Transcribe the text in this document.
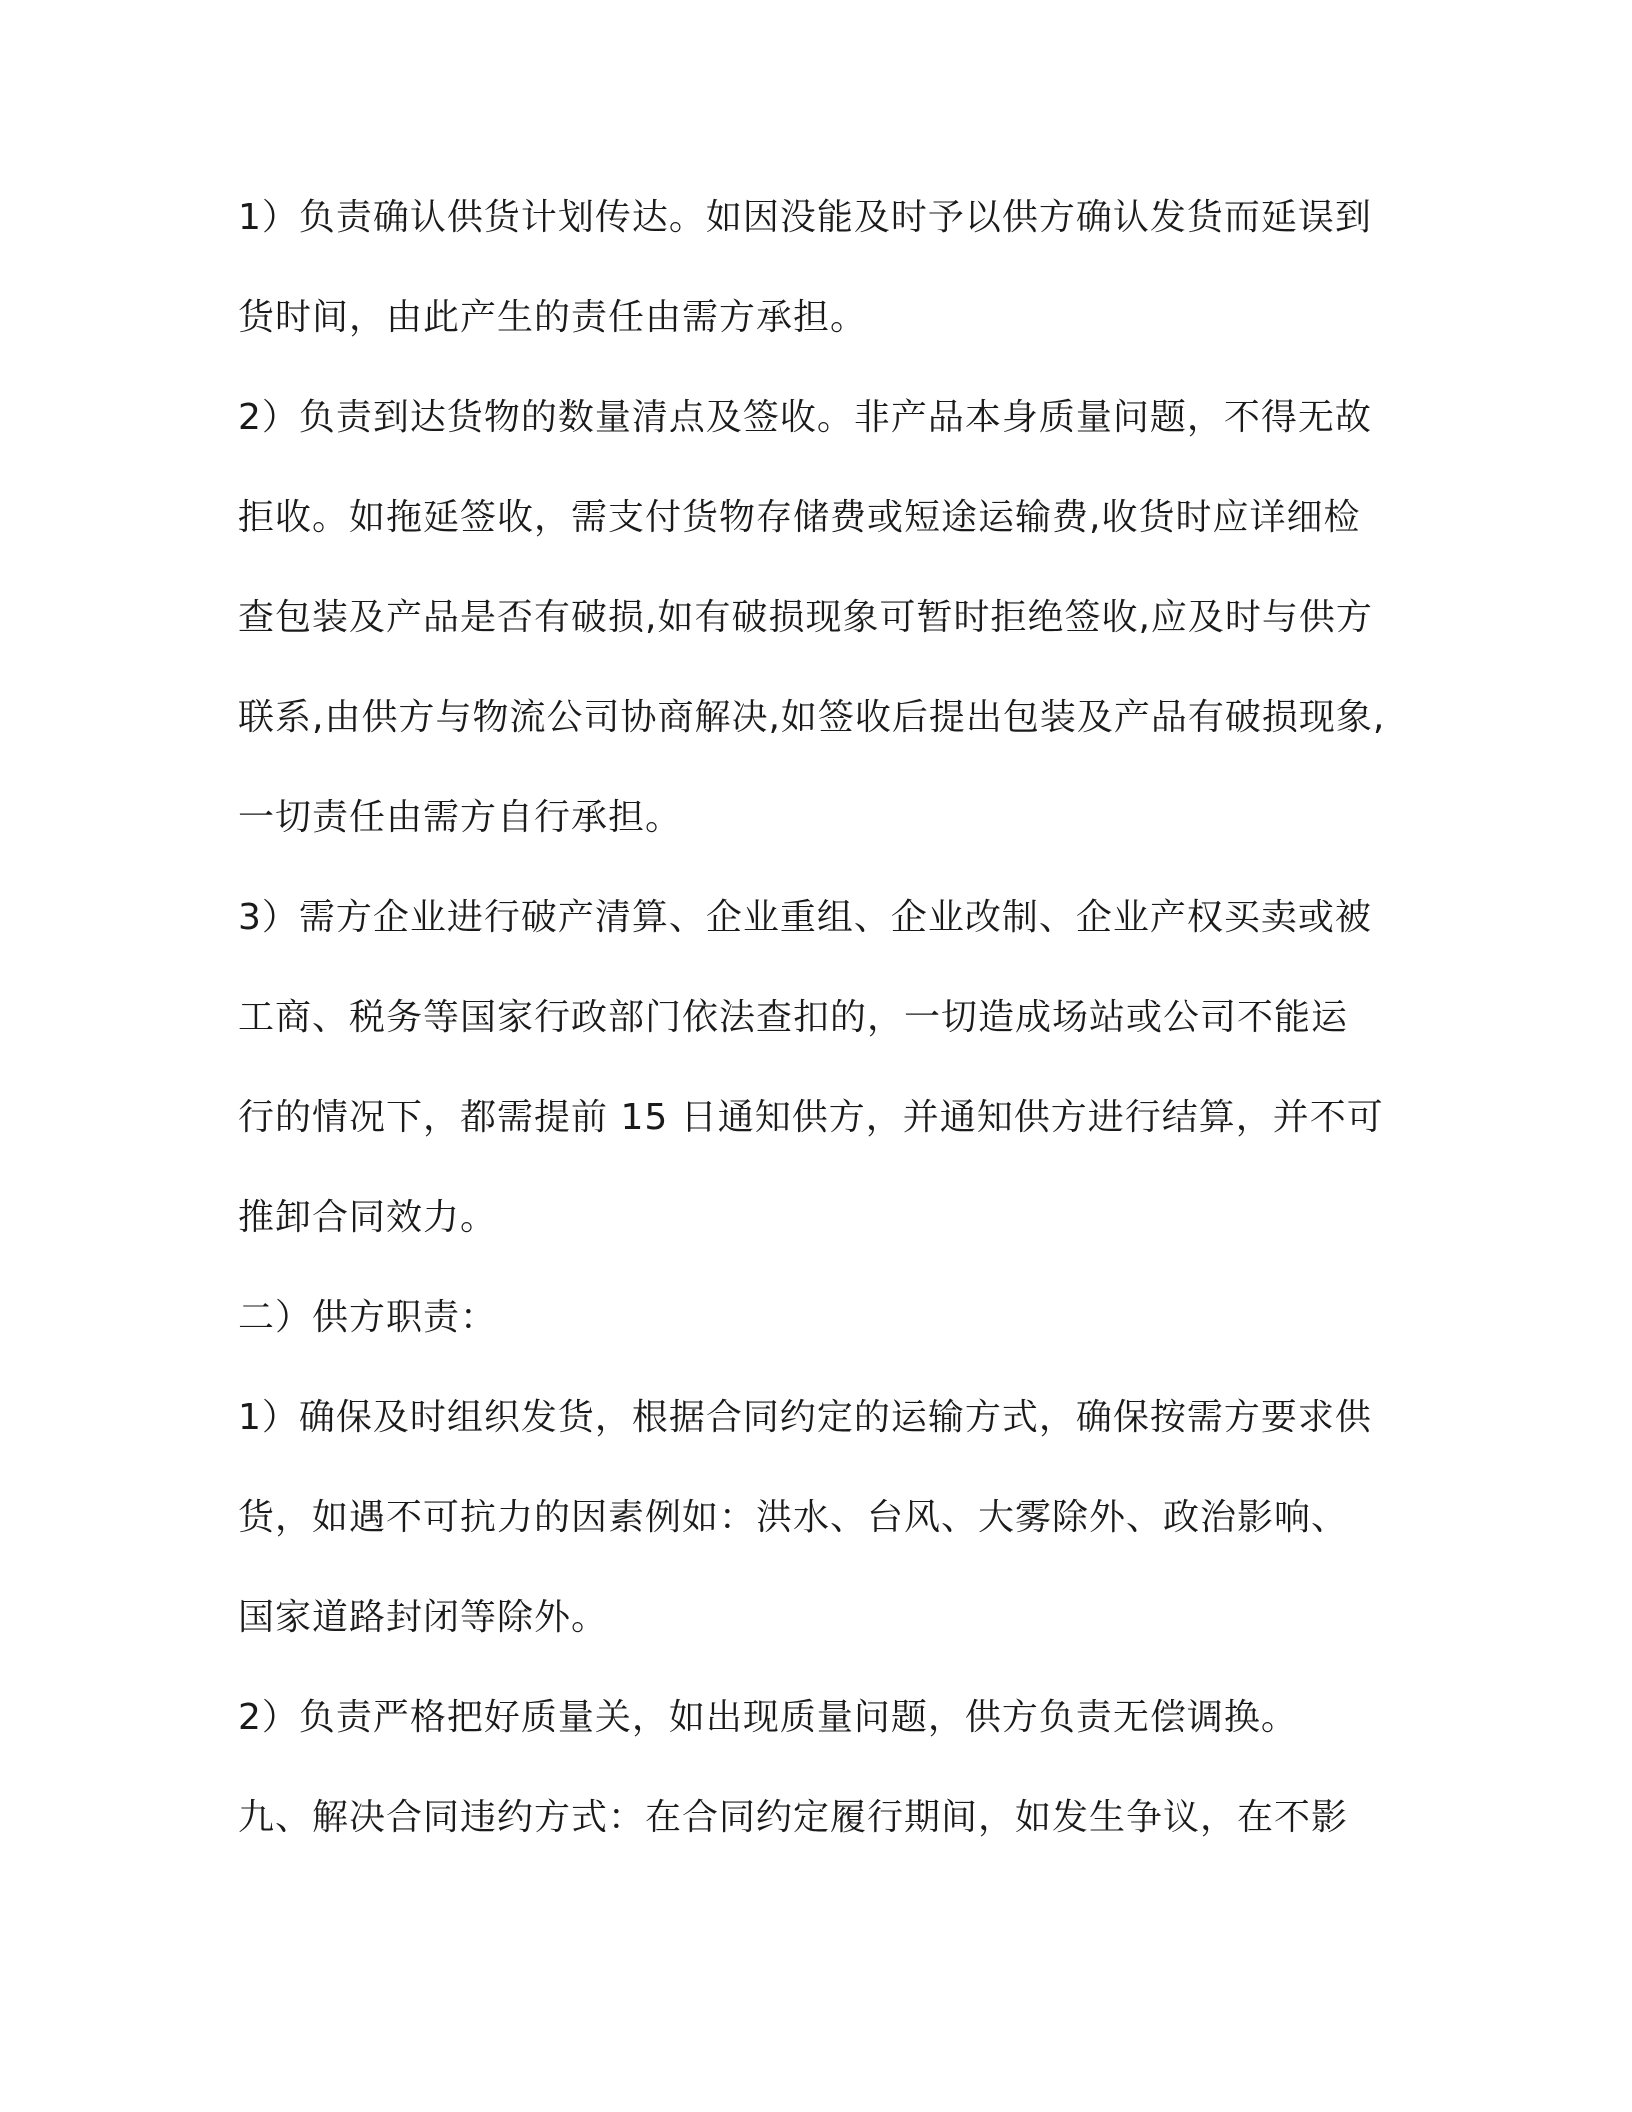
1）负责确认供货计划传达。如因没能及时予以供方确认发货而延误到
货时间，由此产生的责任由需方承担。
2）负责到达货物的数量清点及签收。非产品本身质量问题，不得无故
拒收。如拖延签收，需支付货物存储费或短途运输费,收货时应详细检
查包装及产品是否有破损,如有破损现象可暂时拒绝签收,应及时与供方
联系,由供方与物流公司协商解决,如签收后提出包装及产品有破损现象,
一切责任由需方自行承担。
3）需方企业进行破产清算、企业重组、企业改制、企业产权买卖或被
工商、税务等国家行政部门依法查扣的，一切造成场站或公司不能运
行的情况下，都需提前 15 日通知供方，并通知供方进行结算，并不可
推卸合同效力。
二）供方职责：
1）确保及时组织发货，根据合同约定的运输方式，确保按需方要求供
货，如遇不可抗力的因素例如：洪水、台风、大雾除外、政治影响、
国家道路封闭等除外。
2）负责严格把好质量关，如出现质量问题，供方负责无偿调换。
九、解决合同违约方式：在合同约定履行期间，如发生争议，在不影
